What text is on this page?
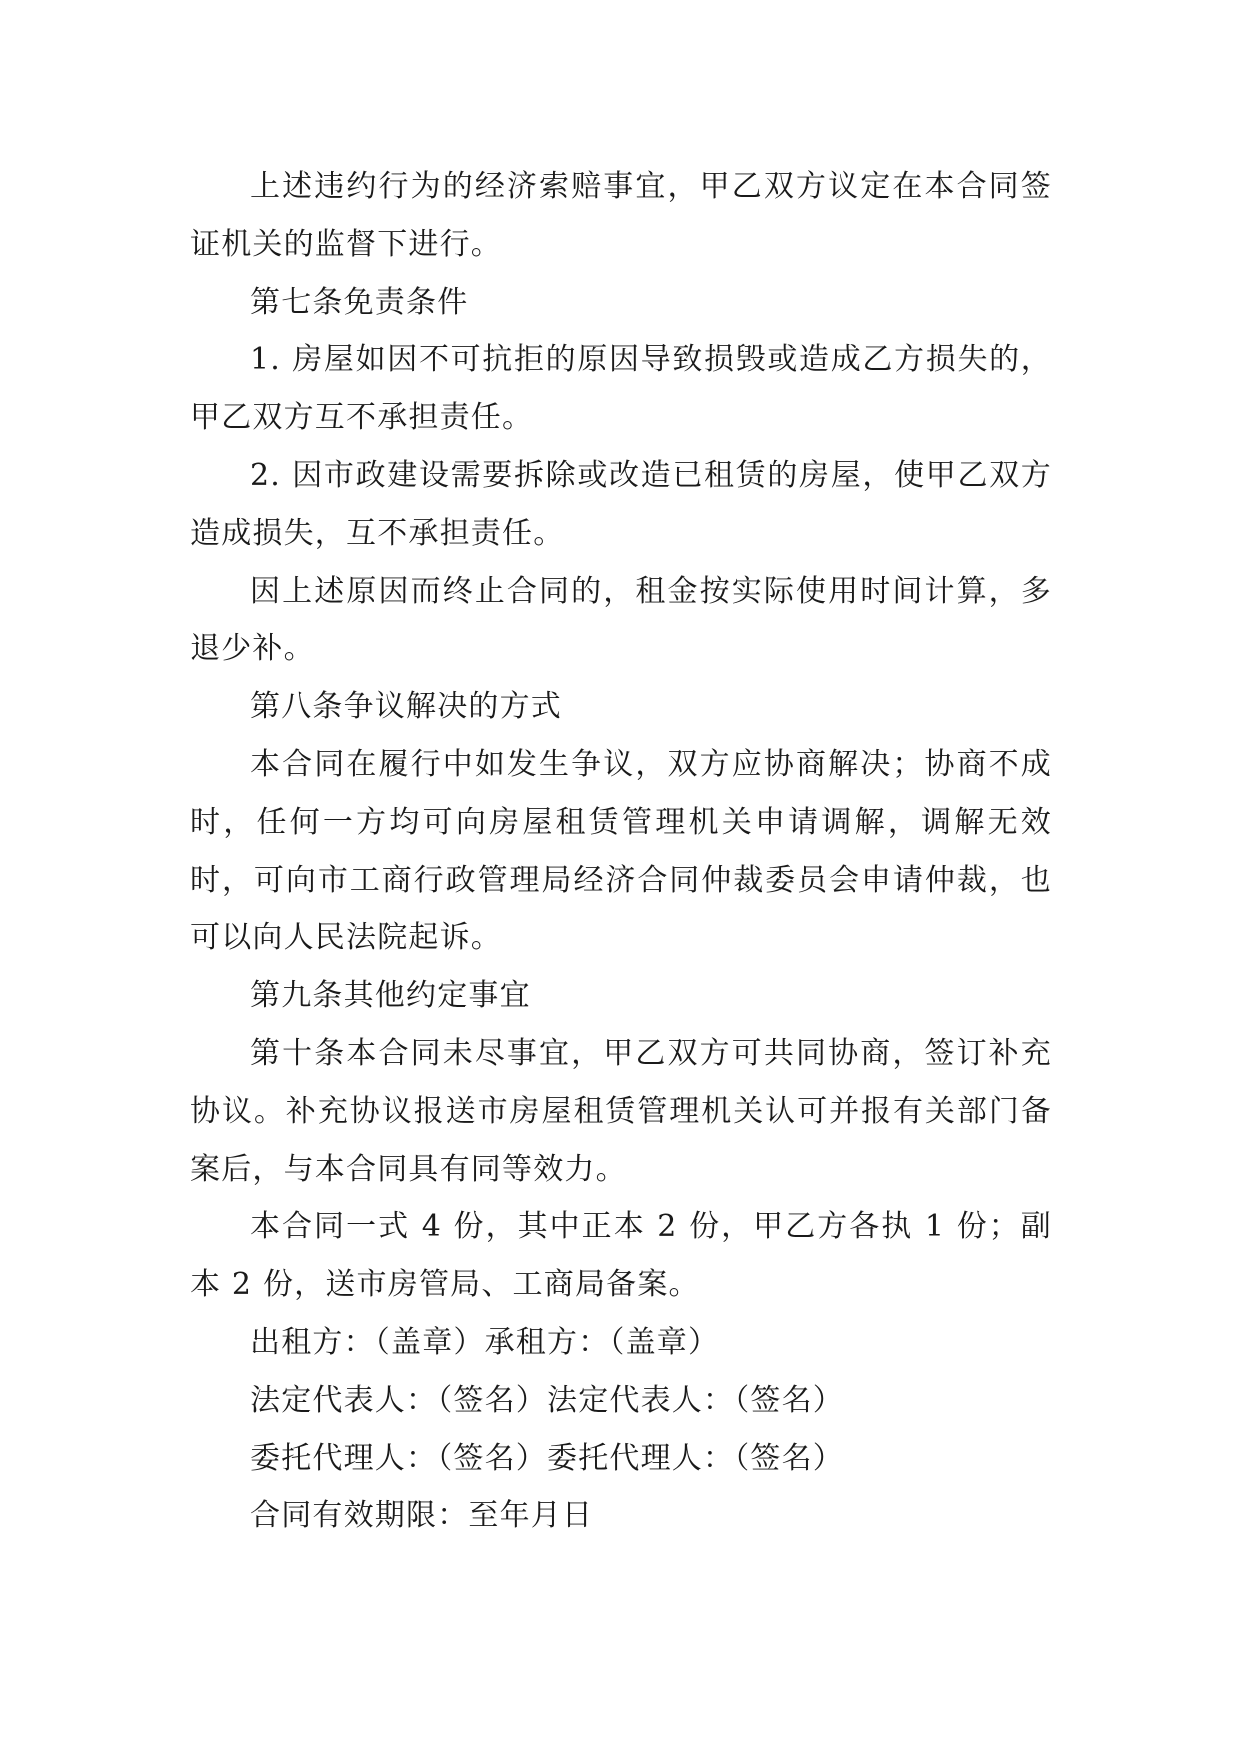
上述违约行为的经济索赔事宜，甲乙双方议定在本合同签证机关的监督下进行。

第七条免责条件

1. 房屋如因不可抗拒的原因导致损毁或造成乙方损失的，甲乙双方互不承担责任。

2. 因市政建设需要拆除或改造已租赁的房屋，使甲乙双方造成损失，互不承担责任。

因上述原因而终止合同的，租金按实际使用时间计算，多退少补。

第八条争议解决的方式

本合同在履行中如发生争议，双方应协商解决；协商不成时，任何一方均可向房屋租赁管理机关申请调解，调解无效时，可向市工商行政管理局经济合同仲裁委员会申请仲裁，也可以向人民法院起诉。

第九条其他约定事宜

第十条本合同未尽事宜，甲乙双方可共同协商，签订补充协议。补充协议报送市房屋租赁管理机关认可并报有关部门备案后，与本合同具有同等效力。

本合同一式 4 份，其中正本 2 份，甲乙方各执 1 份；副本 2 份，送市房管局、工商局备案。

出租方：（盖章）承租方：（盖章）

法定代表人：（签名）法定代表人：（签名）

委托代理人：（签名）委托代理人：（签名）

合同有效期限：至年月日
